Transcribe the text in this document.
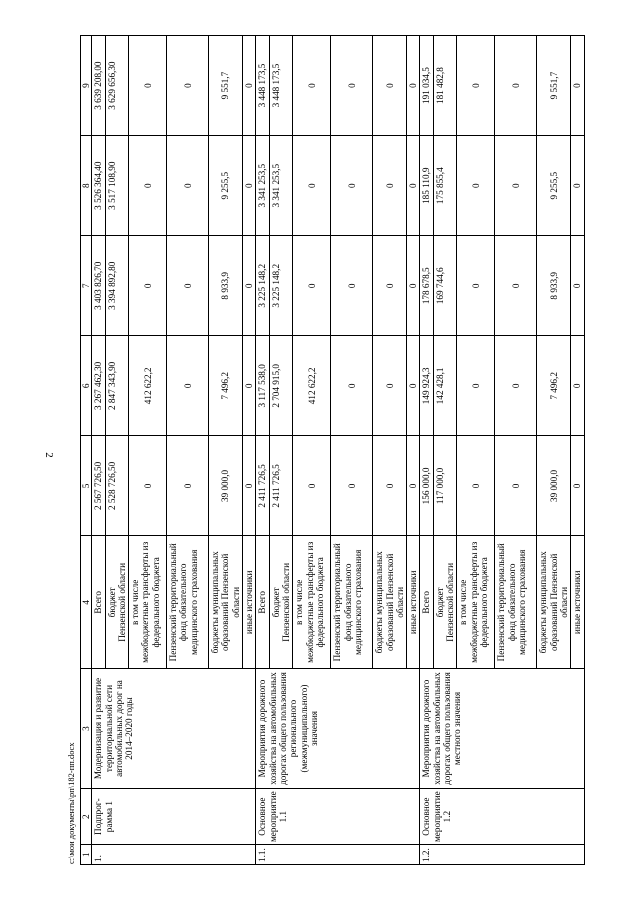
2
1	2	3	4	5	6	7	8	9
1.	Подпрог-рамма 1	Модернизация и развитие территориальной сети автомобильных дорог на 2014–2020 годы	Всего	2 567 726,50	3 267 462,30	3 403 826,70	3 526 364,40	3 639 208,00

			бюджет Пензенской области	2 528 726,50	2 847 343,90	3 394 892,80	3 517 108,90	3 629 656,30

			в том числе межбюджетные трансферты из федерального бюджета	0	412 622,2	0	0	0

			Пензенский территориальный фонд обязательного медицинского страхования	0	0	0	0	0

			бюджеты муниципальных образований Пензенской области	39 000,0	7 496,2	8 933,9	9 255,5	9 551,7

			иные источники	0	0	0	0	0
1.1.	Основное мероприятие 1.1	Мероприятия дорожного хозяйства на автомобильных дорогах общего пользования регионального (межмуниципального) значения	Всего	2 411 726,5	3 117 538,0	3 225 148,2	3 341 253,5	3 448 173,5

			бюджет Пензенской области	2 411 726,5	2 704 915,0	3 225 148,2	3 341 253,5	3 448 173,5

			в том числе межбюджетные трансферты из федерального бюджета	0	412 622,2	0	0	0

			Пензенский территориальный фонд обязательного медицинского страхования	0	0	0	0	0

			бюджеты муниципальных образований Пензенской области	0	0	0	0	0

			иные источники	0	0	0	0	0
1.2.	Основное мероприятие 1.2	Мероприятия дорожного хозяйства на автомобильных дорогах общего пользования местного значения	Всего	156 000,0	149 924,3	178 678,5	185 110,9	191 034,5

			бюджет Пензенской области	117 000,0	142 428,1	169 744,6	175 855,4	181 482,8

			в том числе межбюджетные трансферты из федерального бюджета	0	0	0	0	0

			Пензенский территориальный фонд обязательного медицинского страхования	0	0	0	0	0

			бюджеты муниципальных образований Пензенской области	39 000,0	7 496,2	8 933,9	9 255,5	9 551,7

			иные источники	0	0	0	0	0
c:\мои документы\рп\182-пп.docx
